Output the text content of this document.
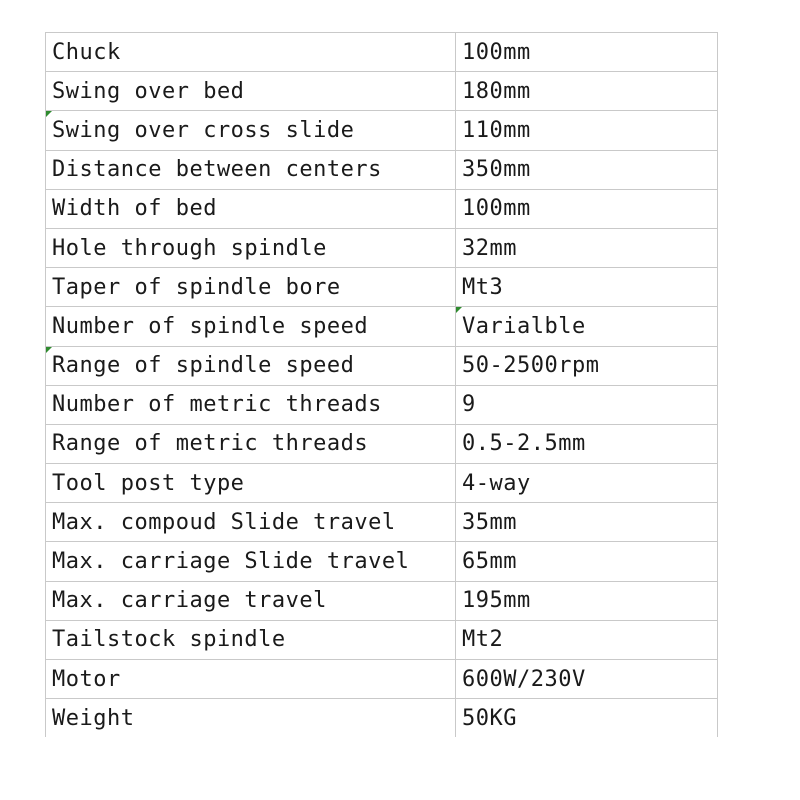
Chuck	100mm
Swing over bed	180mm

Swing over cross slide	110mm
Distance between centers	350mm
Width of bed	100mm
Hole through spindle	32mm
Taper of spindle bore	Mt3
Number of spindle speed	Varialble

Range of spindle speed	50-2500rpm
Number of metric threads	9
Range of metric threads	0.5-2.5mm
Tool post type	4-way
Max. compoud Slide travel	35mm
Max. carriage Slide travel	65mm
Max. carriage travel	195mm
Tailstock spindle	Mt2
Motor	600W/230V
Weight	50KG
